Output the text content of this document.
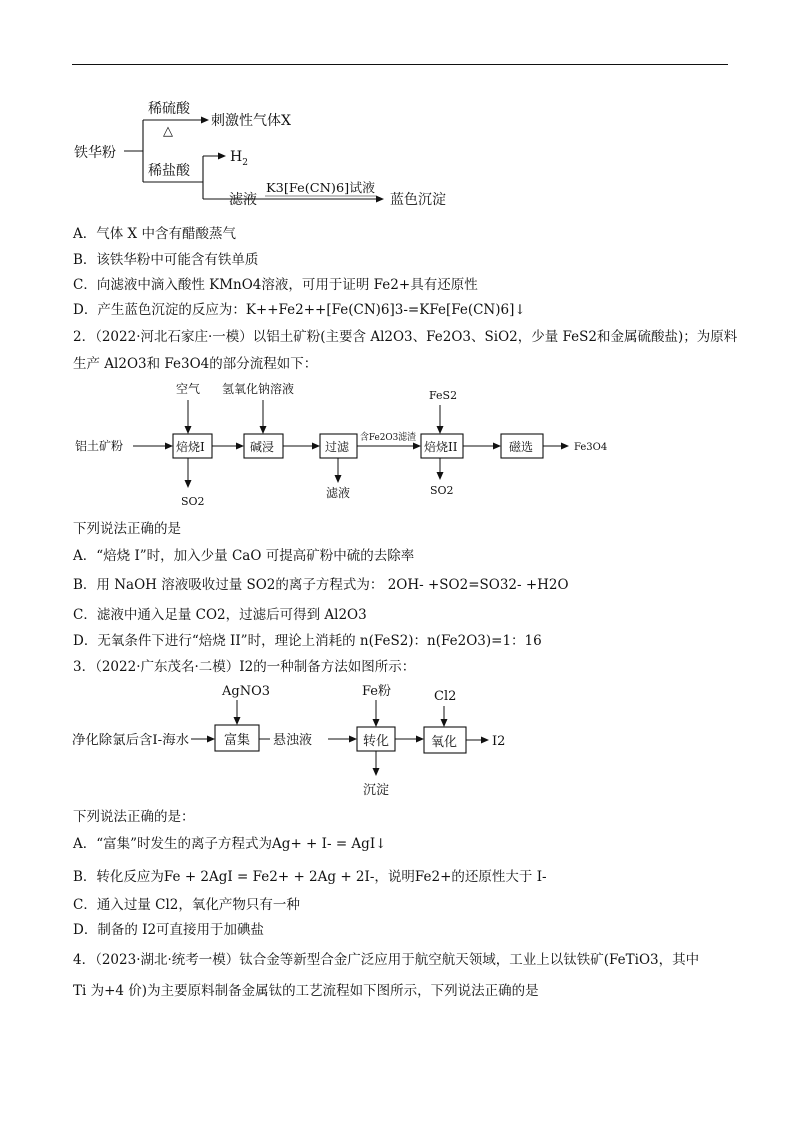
铁华粉
稀硫酸
△
刺激性气体X
稀盐酸
$H_2$
滤液
K3[Fe(CN)6]试液
蓝色沉淀
A．气体 X 中含有醋酸蒸气
B．该铁华粉中可能含有铁单质
C．向滤液中滴入酸性 KMnO4溶液，可用于证明 Fe2+具有还原性
D．产生蓝色沉淀的反应为：K++Fe2++[Fe(CN)6]3-=KFe[Fe(CN)6]↓
2．（2022·河北石家庄·一模）以铝土矿粉(主要含 Al2O3、Fe2O3、SiO2，少量 FeS2和金属硫酸盐)；为原料
生产 Al2O3和 Fe3O4的部分流程如下：
铝土矿粉
空气 氢氧化钠溶液
焙烧I	碱浸	过滤
含Fe2O3滤渣
FeS2
焙烧II	磁选	Fe3O4
SO2
滤液	SO2
下列说法正确的是
A．“焙烧 I”时，加入少量 CaO 可提高矿粉中硫的去除率
B．用 NaOH 溶液吸收过量 SO2的离子方程式为： 2OH- +SO2=SO32- +H2O
C．滤液中通入足量 CO2，过滤后可得到 Al2O3
D．无氧条件下进行“焙烧 II”时，理论上消耗的 n(FeS2)：n(Fe2O3)=1：16
3．（2022·广东茂名·二模）I2的一种制备方法如图所示：
净化除氯后含I-海水
AgNO3
富集 悬浊液
Fe粉
转化
Cl2
氧化	I2
沉淀
下列说法正确的是：
A．“富集”时发生的离子方程式为Ag+ + I- = AgI↓
B．转化反应为Fe + 2AgI = Fe2+ + 2Ag + 2I-，说明Fe2+的还原性大于 I-
C．通入过量 Cl2，氧化产物只有一种
D．制备的 I2可直接用于加碘盐
4．（2023·湖北·统考一模）钛合金等新型合金广泛应用于航空航天领域，工业上以钛铁矿(FeTiO3，其中
Ti 为+4 价)为主要原料制备金属钛的工艺流程如下图所示，下列说法正确的是
